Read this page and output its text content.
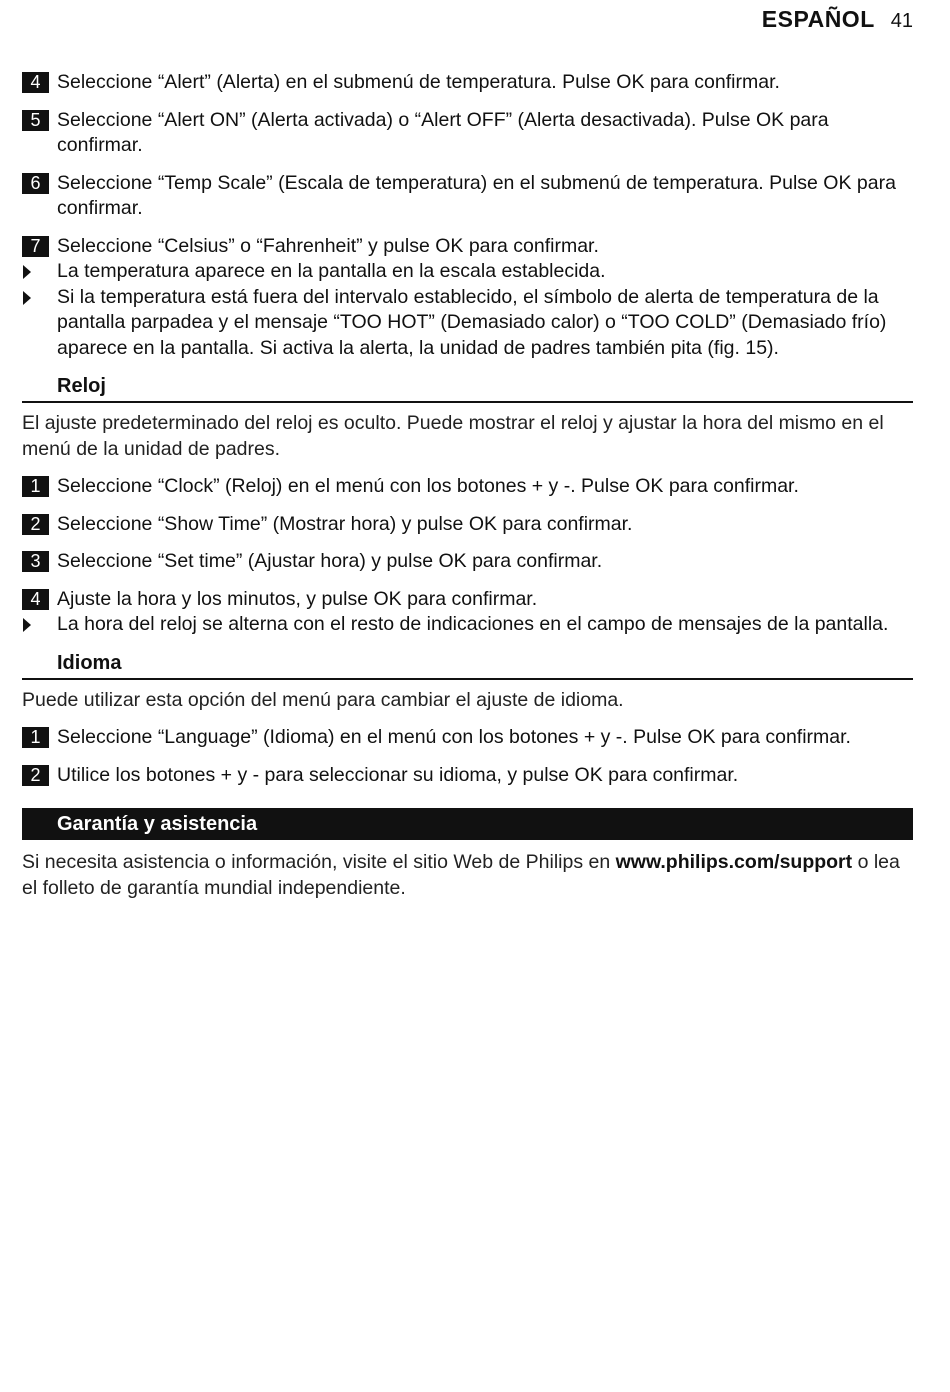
ESPAÑOL 41
4 Seleccione “Alert” (Alerta) en el submenú de temperatura. Pulse OK para confirmar.
5 Seleccione “Alert ON” (Alerta activada) o “Alert OFF” (Alerta desactivada). Pulse OK para confirmar.
6 Seleccione “Temp Scale” (Escala de temperatura) en el submenú de temperatura. Pulse OK para confirmar.
7 Seleccione “Celsius” o “Fahrenheit” y pulse OK para confirmar.
La temperatura aparece en la pantalla en la escala establecida.
Si la temperatura está fuera del intervalo establecido, el símbolo de alerta de temperatura de la pantalla parpadea y el mensaje “TOO HOT” (Demasiado calor) o “TOO COLD” (Demasiado frío) aparece en la pantalla. Si activa la alerta, la unidad de padres también pita (fig. 15).
Reloj
El ajuste predeterminado del reloj es oculto. Puede mostrar el reloj y ajustar la hora del mismo en el menú de la unidad de padres.
1 Seleccione “Clock” (Reloj) en el menú con los botones + y -. Pulse OK para confirmar.
2 Seleccione “Show Time” (Mostrar hora) y pulse OK para confirmar.
3 Seleccione “Set time” (Ajustar hora) y pulse OK para confirmar.
4 Ajuste la hora y los minutos, y pulse OK para confirmar.
La hora del reloj se alterna con el resto de indicaciones en el campo de mensajes de la pantalla.
Idioma
Puede utilizar esta opción del menú para cambiar el ajuste de idioma.
1 Seleccione “Language” (Idioma) en el menú con los botones + y -. Pulse OK para confirmar.
2 Utilice los botones + y - para seleccionar su idioma, y pulse OK para confirmar.
Garantía y asistencia
Si necesita asistencia o información, visite el sitio Web de Philips en www.philips.com/support o lea el folleto de garantía mundial independiente.
